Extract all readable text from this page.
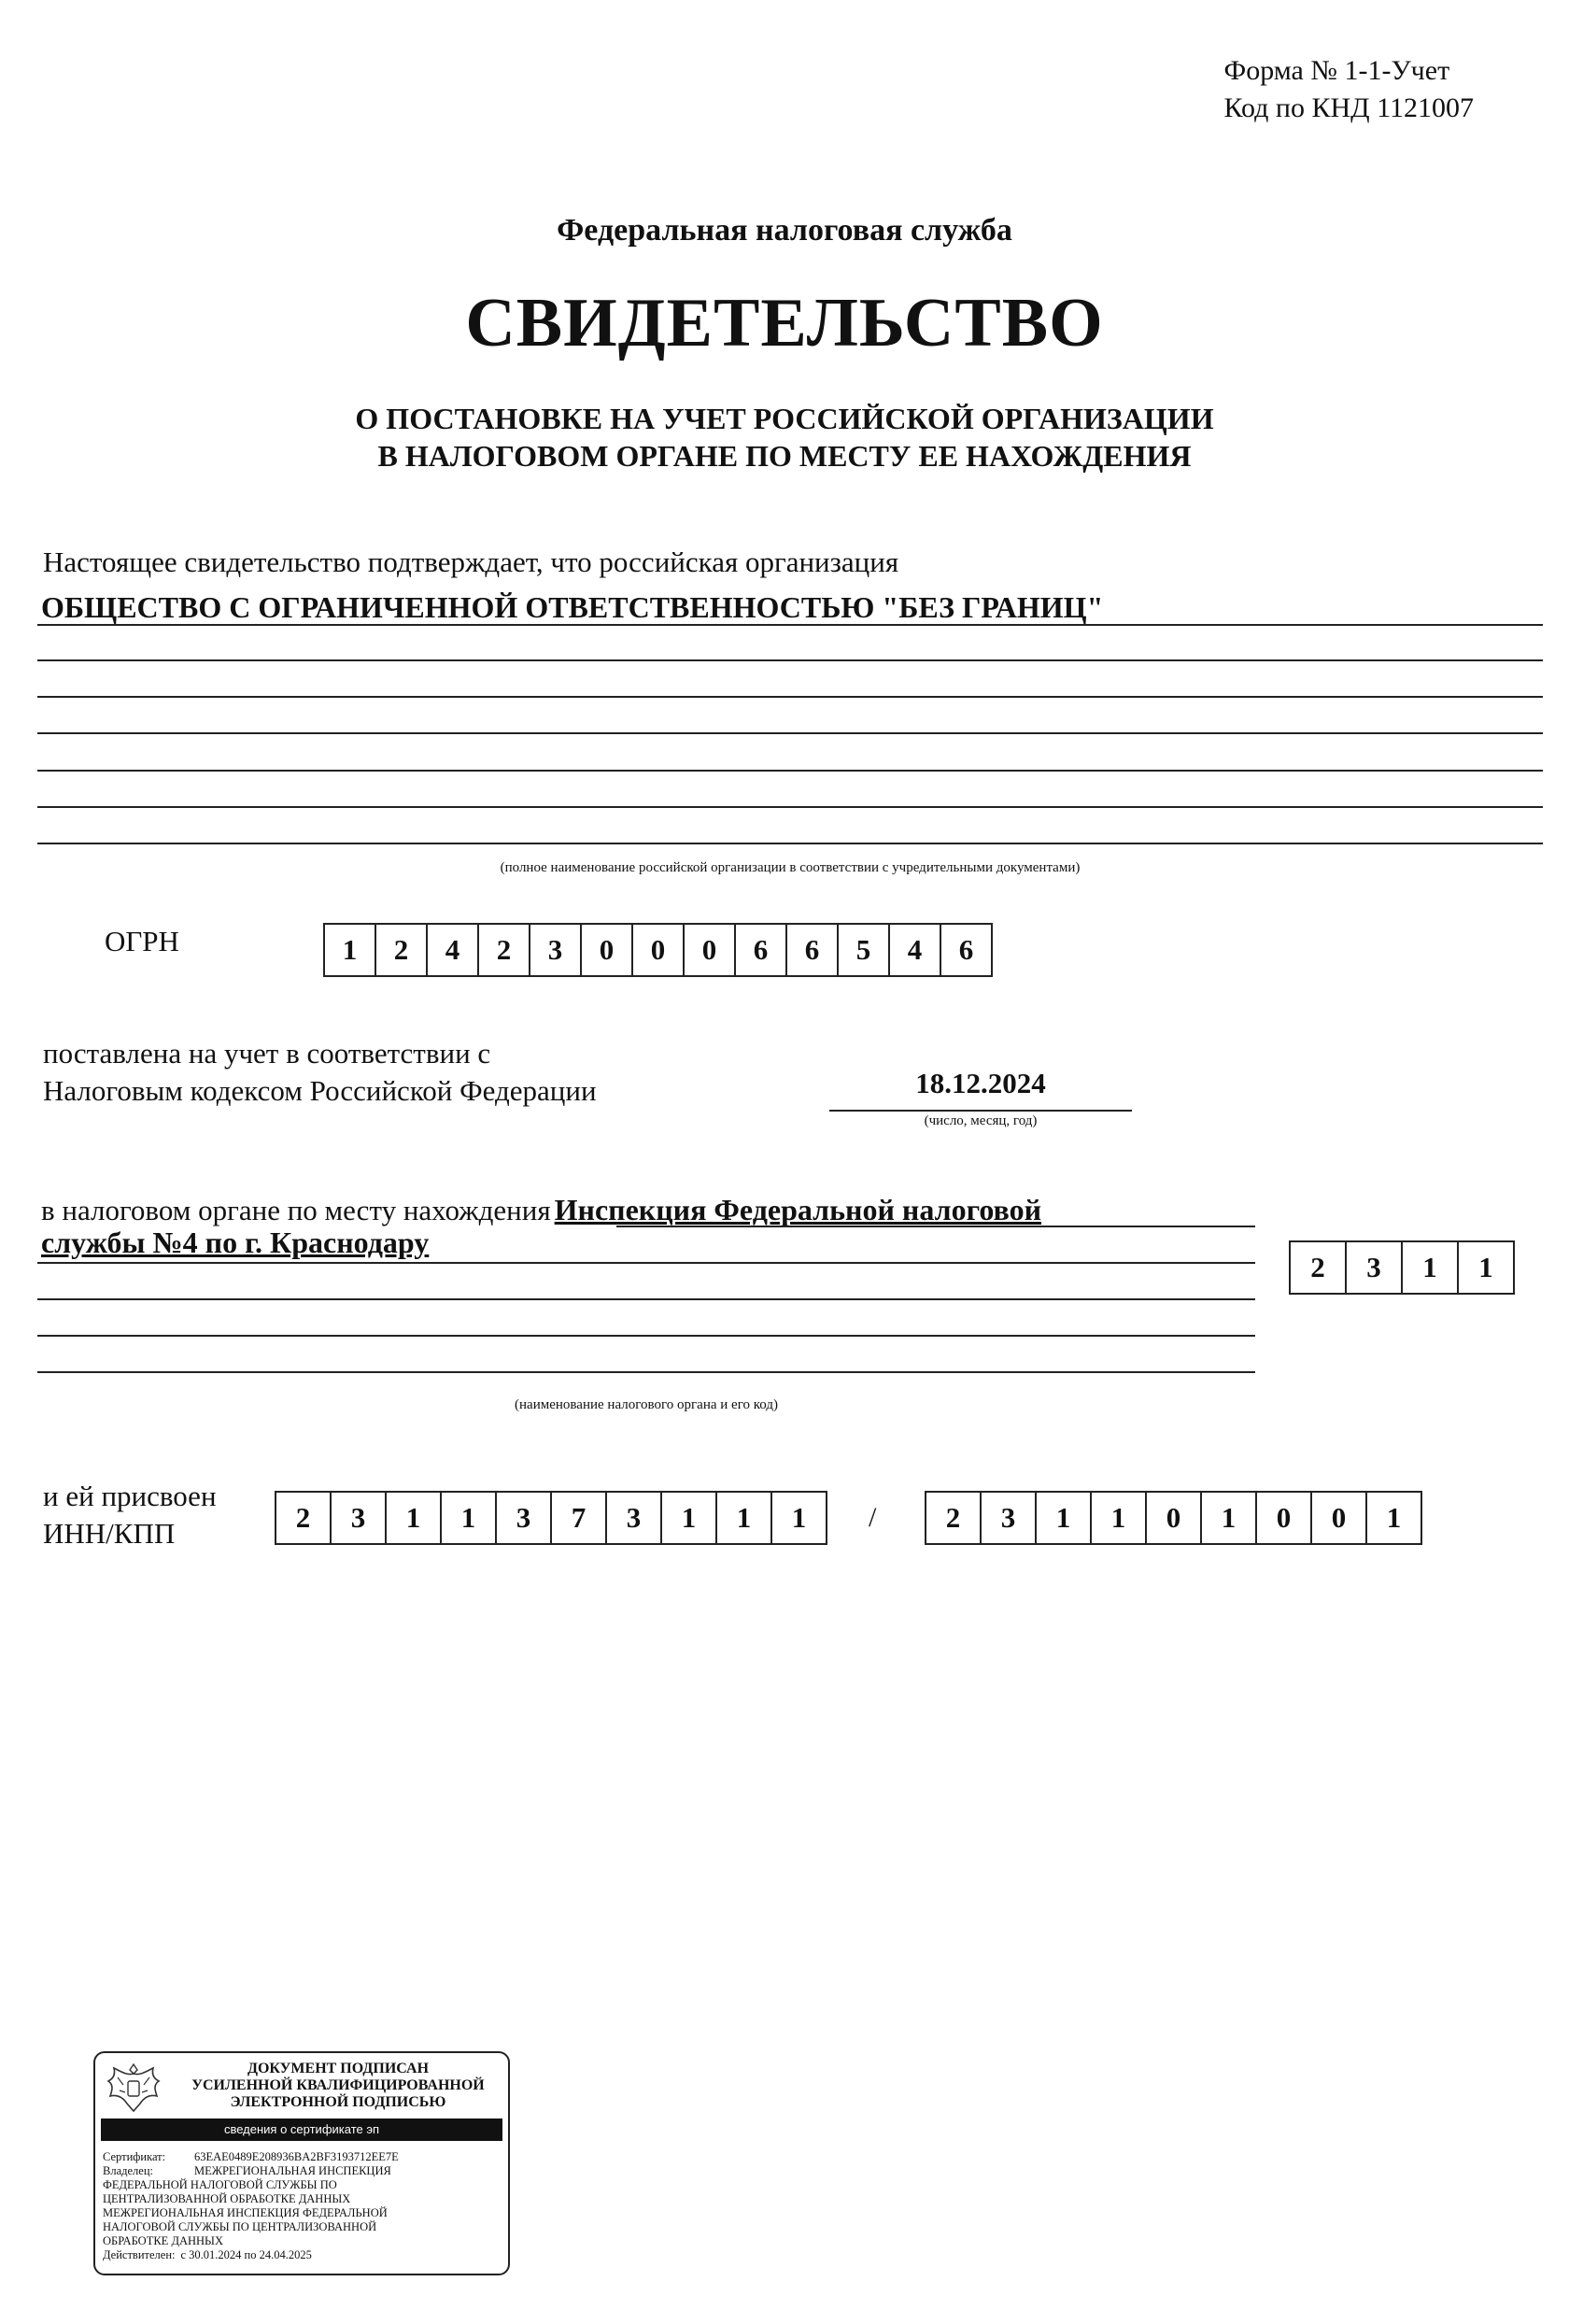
Форма № 1-1-Учет
Код по КНД 1121007
Федеральная налоговая служба
СВИДЕТЕЛЬСТВО
О ПОСТАНОВКЕ НА УЧЕТ РОССИЙСКОЙ ОРГАНИЗАЦИИ
В НАЛОГОВОМ ОРГАНЕ ПО МЕСТУ ЕЕ НАХОЖДЕНИЯ
Настоящее свидетельство подтверждает, что российская организация
ОБЩЕСТВО С ОГРАНИЧЕННОЙ ОТВЕТСТВЕННОСТЬЮ "БЕЗ ГРАНИЦ"
(полное наименование российской организации в соответствии с учредительными документами)
ОГРН	1	2	4	2	3	0	0	0	6	6	5	4	6
поставлена на учет в соответствии с
Налоговым кодексом Российской Федерации	18.12.2024
(число, месяц, год)
в налоговом органе по месту нахождения Инспекция Федеральной налоговой
службы №4 по г. Краснодару
(наименование налогового органа и его код)
2	3	1	1
и ей присвоен
ИНН/КПП	2	3	1	1	3	7	3	1	1	1	/	2	3	1	1	0	1	0	0	1
ДОКУМЕНТ ПОДПИСАН
УСИЛЕННОЙ КВАЛИФИЦИРОВАННОЙ
ЭЛЕКТРОННОЙ ПОДПИСЬЮ
сведения о сертификате эп
Сертификат:	63EAE0489E208936BA2BF3193712EE7E
Владелец:	МЕЖРЕГИОНАЛЬНАЯ ИНСПЕКЦИЯ
ФЕДЕРАЛЬНОЙ НАЛОГОВОЙ СЛУЖБЫ ПО
ЦЕНТРАЛИЗОВАННОЙ ОБРАБОТКЕ ДАННЫХ
МЕЖРЕГИОНАЛЬНАЯ ИНСПЕКЦИЯ ФЕДЕРАЛЬНОЙ
НАЛОГОВОЙ СЛУЖБЫ ПО ЦЕНТРАЛИЗОВАННОЙ
ОБРАБОТКЕ ДАННЫХ
Действителен: с 30.01.2024 по 24.04.2025
